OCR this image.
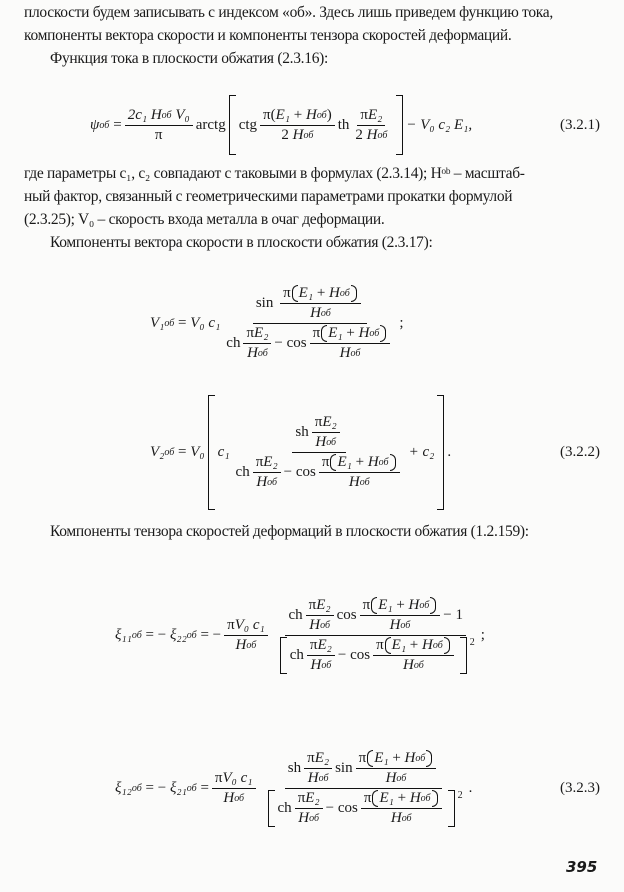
плоскости будем записывать с индексом «об». Здесь лишь приведем функцию тока,
компоненты вектора скорости и компоненты тензора скоростей деформаций.
Функция тока в плоскости обжатия (2.3.16):
ψ об = 2c₁
H об
V₀
π arctg ctg π ( E₁
+
H об )
2
H об th π E₂
2
H об − V₀ c₂ E₁,	(3.2.1)
где параметры c₁, c₂ совпадают с таковыми в формулах (2.3.14); Hᵒᵇ – масштаб-
ный фактор, связанный с геометрическими параметрами прокатки формулой
(2.3.25); V₀ – скорость входа металла в очаг деформации.
Компоненты вектора скорости в плоскости обжатия (2.3.17):
V₁ об
=
V₀
c₁ sin
π E₁
+
H об
H об
ch $\frac{\text{π E₂}}{\text{H об}}$ −
cos π E₁
+
H об
H об ;
V₂ об
=
V₀ c₁ sh $\frac{\text{π E₂}}{\text{H об}}$
ch $\frac{\text{π E₂}}{\text{H об}}$ −
cos π E₁
+
H об
H об + c₂ .	(3.2.2)
Компоненты тензора скоростей деформаций в плоскости обжатия (1.2.159):
ξ₁₁ об
= −
ξ₂₂ об
= − π V₀
c₁
H об ch $\frac{\text{π E₂}}{\text{H об}}$ cos π E₁
+
H об
H об − 1
ch $\frac{\text{π E₂}}{\text{H об}}$ −
cos π E₁
+
H об
H об $^2$ ;
ξ₁₂ об
= −
ξ₂₁ об
= π V₀
c₁
H об sh $\frac{\text{π E₂}}{\text{H об}}$ sin π E₁
+
H об
H об
ch $\frac{\text{π E₂}}{\text{H об}}$ −
cos π E₁
+
H об
H об $^2$ .	(3.2.3)
395
